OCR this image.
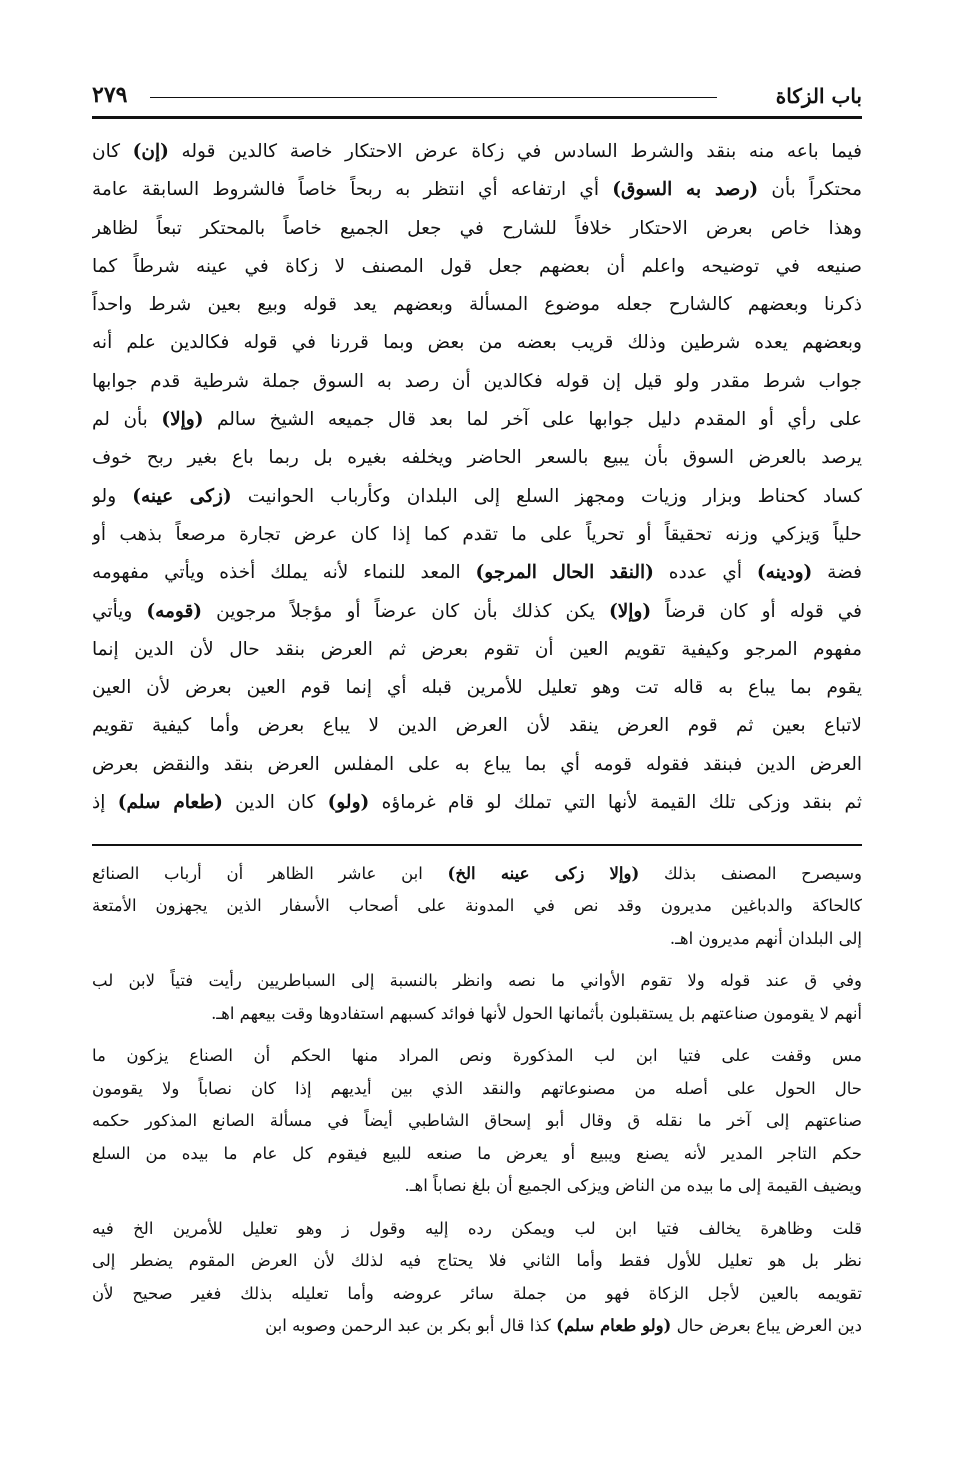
باب الزكاة
٢٧٩
فيما باعه منه بنقد والشرط السادس في زكاة عرض الاحتكار خاصة كالدين قوله (إن) كان
محتكراً بأن (رصد به السوق) أي ارتفاعه أي انتظر به ربحاً خاصاً فالشروط السابقة عامة
وهذا خاص بعرض الاحتكار خلافاً للشارح في جعل الجميع خاصاً بالمحتكر تبعاً لظاهر
صنيعه في توضيحه واعلم أن بعضهم جعل قول المصنف لا زكاة في عينه شرطاً كما
ذكرنا وبعضهم كالشارح جعله موضوع المسألة وبعضهم يعد قوله وبيع بعين شرط واحداً
وبعضهم يعده شرطين وذلك قريب بعضه من بعض وبما قررنا في قوله فكالدين علم أنه
جواب شرط مقدر ولو قيل إن قوله فكالدين أن رصد به السوق جملة شرطية قدم جوابها
على رأي أو المقدم دليل جوابها على آخر لما بعد قال جميعه الشيخ سالم (وإلا) بأن لم
يرصد بالعرض السوق بأن يبيع بالسعر الحاضر ويخلفه بغيره بل ربما باع بغير ربح خوف
كساد كحناط وبزار وزيات ومجهز السلع إلى البلدان وكأرباب الحوانيت (زكى عينه) ولو
حلياً وَيزكي وزنه تحقيقاً أو تحرياً على ما تقدم كما إذا كان عرض تجارة مرصعاً بذهب أو
فضة (ودينه) أي عدده (النقد الحال المرجو) المعد للنماء لأنه يملك أخذه ويأتي مفهومه
في قوله أو كان قرضاً (وإلا) يكن كذلك بأن كان عرضاً أو مؤجلاً مرجوين (قومه) ويأتي
مفهوم المرجو وكيفية تقويم العين أن تقوم بعرض ثم العرض بنقد حال لأن الدين إنما
يقوم بما يباع به قاله تت وهو تعليل للأمرين قبله أي إنما قوم العين بعرض لأن العين
لاتباع بعين ثم قوم العرض ينقد لأن العرض الدين لا يباع بعرض وأما كيفية تقويم
العرض الدين فبنقد فقوله قومه أي بما يباع به على المفلس العرض بنقد والنقض بعرض
ثم بنقد وزكى تلك القيمة لأنها التي تملك لو قام غرماؤه (ولو) كان الدين (طعام سلم) إذ

وسيصرح المصنف بذلك (وإلا زكى عينه الخ) ابن عاشر الظاهر أن أرباب الصنائع
كالحاكة والدباغين مديرون وقد نص في المدونة على أصحاب الأسفار الذين يجهزون الأمتعة
إلى البلدان أنهم مديرون اهـ.

وفي ق عند قوله ولا تقوم الأواني ما نصه وانظر بالنسبة إلى السباطريين رأيت فتياً لابن لب
أنهم لا يقومون صناعتهم بل يستقبلون بأثمانها الحول لأنها فوائد كسبهم استفادوها وقت بيعهم اهـ.

مس وقفت على فتيا ابن لب المذكورة ونص المراد منها الحكم أن الصناع يزكون ما
حال الحول على أصله من مصنوعاتهم والنقد الذي بين أيديهم إذا كان نصاباً ولا يقومون
صناعتهم إلى آخر ما نقله ق وقال أبو إسحاق الشاطبي أيضاً في مسألة الصانع المذكور حكمه
حكم التاجر المدير لأنه يصنع ويبيع أو يعرض ما صنعه للبيع فيقوم كل عام ما بيده من السلع
ويضيف القيمة إلى ما بيده من الناض ويزكى الجميع أن بلغ نصاباً اهـ.

قلت وظاهرة يخالف فتيا ابن لب ويمكن رده إليه وقول ز وهو تعليل للأمرين الخ فيه
نظر بل هو تعليل للأول فقط وأما الثاني فلا يحتاج فيه لذلك لأن العرض المقوم يضطر إلى
تقويمه بالعين لأجل الزكاة فهو من جملة سائر عروضه وأما تعليله بذلك فغير صحيح لأن
دين العرض يباع بعرض حال (ولو طعام سلم) كذا قال أبو بكر بن عبد الرحمن وصوبه ابن
